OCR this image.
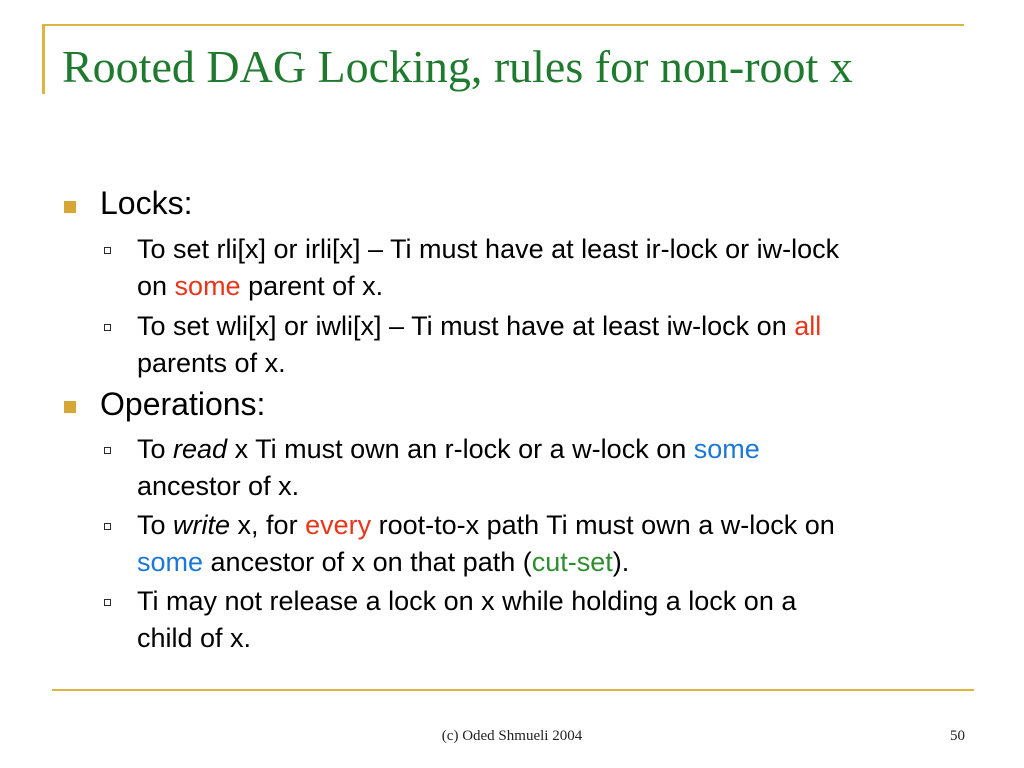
Rooted DAG Locking, rules for non-root x
Locks:
To set rli[x] or irli[x] – Ti must have at least ir-lock or iw-lock
on some parent of x.
To set wli[x] or iwli[x] – Ti must have at least iw-lock on all
parents of x.
Operations:
To read x Ti must own an r-lock or a w-lock on some
ancestor of x.
To write x, for every root-to-x path Ti must own a w-lock on
some ancestor of x on that path (cut-set).
Ti may not release a lock on x while holding a lock on a
child of x.
(c) Oded Shmueli 2004	50
